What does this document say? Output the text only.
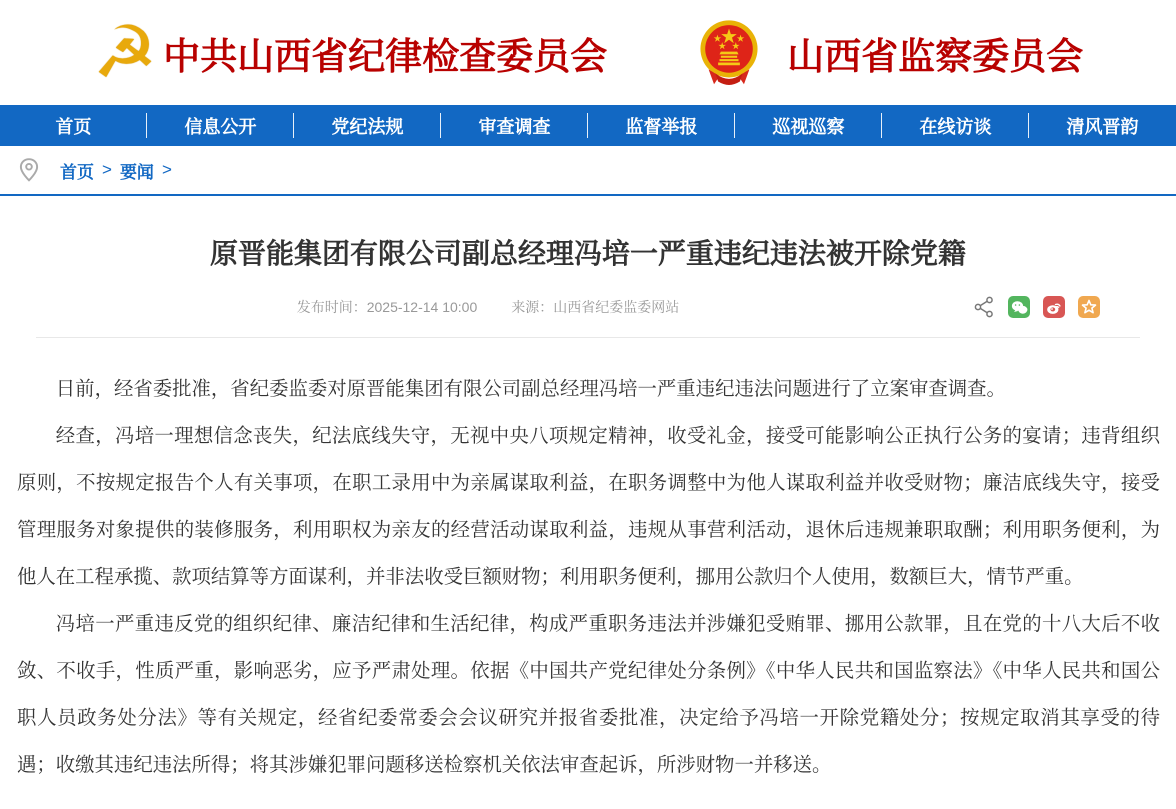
☭ 中共山西省纪律检查委员会	山西省监察委员会
首页	信息公开	党纪法规	审查调查	监督举报	巡视巡察	在线访谈	清风晋韵
首页 > 要闻 >
原晋能集团有限公司副总经理冯培一严重违纪违法被开除党籍
发布时间：2025-12-14 10:00 来源：山西省纪委监委网站

日前，经省委批准，省纪委监委对原晋能集团有限公司副总经理冯培一严重违纪违法问题进行了立案审查调查。

经查，冯培一理想信念丧失，纪法底线失守，无视中央八项规定精神，收受礼金，接受可能影响公正执行公务的宴请；违背组织原则，不按规定报告个人有关事项，在职工录用中为亲属谋取利益，在职务调整中为他人谋取利益并收受财物；廉洁底线失守，接受管理服务对象提供的装修服务，利用职权为亲友的经营活动谋取利益，违规从事营利活动，退休后违规兼职取酬；利用职务便利，为他人在工程承揽、款项结算等方面谋利，并非法收受巨额财物；利用职务便利，挪用公款归个人使用，数额巨大，情节严重。

冯培一严重违反党的组织纪律、廉洁纪律和生活纪律，构成严重职务违法并涉嫌犯受贿罪、挪用公款罪，且在党的十八大后不收敛、不收手，性质严重，影响恶劣，应予严肃处理。依据《中国共产党纪律处分条例》《中华人民共和国监察法》《中华人民共和国公职人员政务处分法》等有关规定，经省纪委常委会会议研究并报省委批准，决定给予冯培一开除党籍处分；按规定取消其享受的待遇；收缴其违纪违法所得；将其涉嫌犯罪问题移送检察机关依法审查起诉，所涉财物一并移送。
